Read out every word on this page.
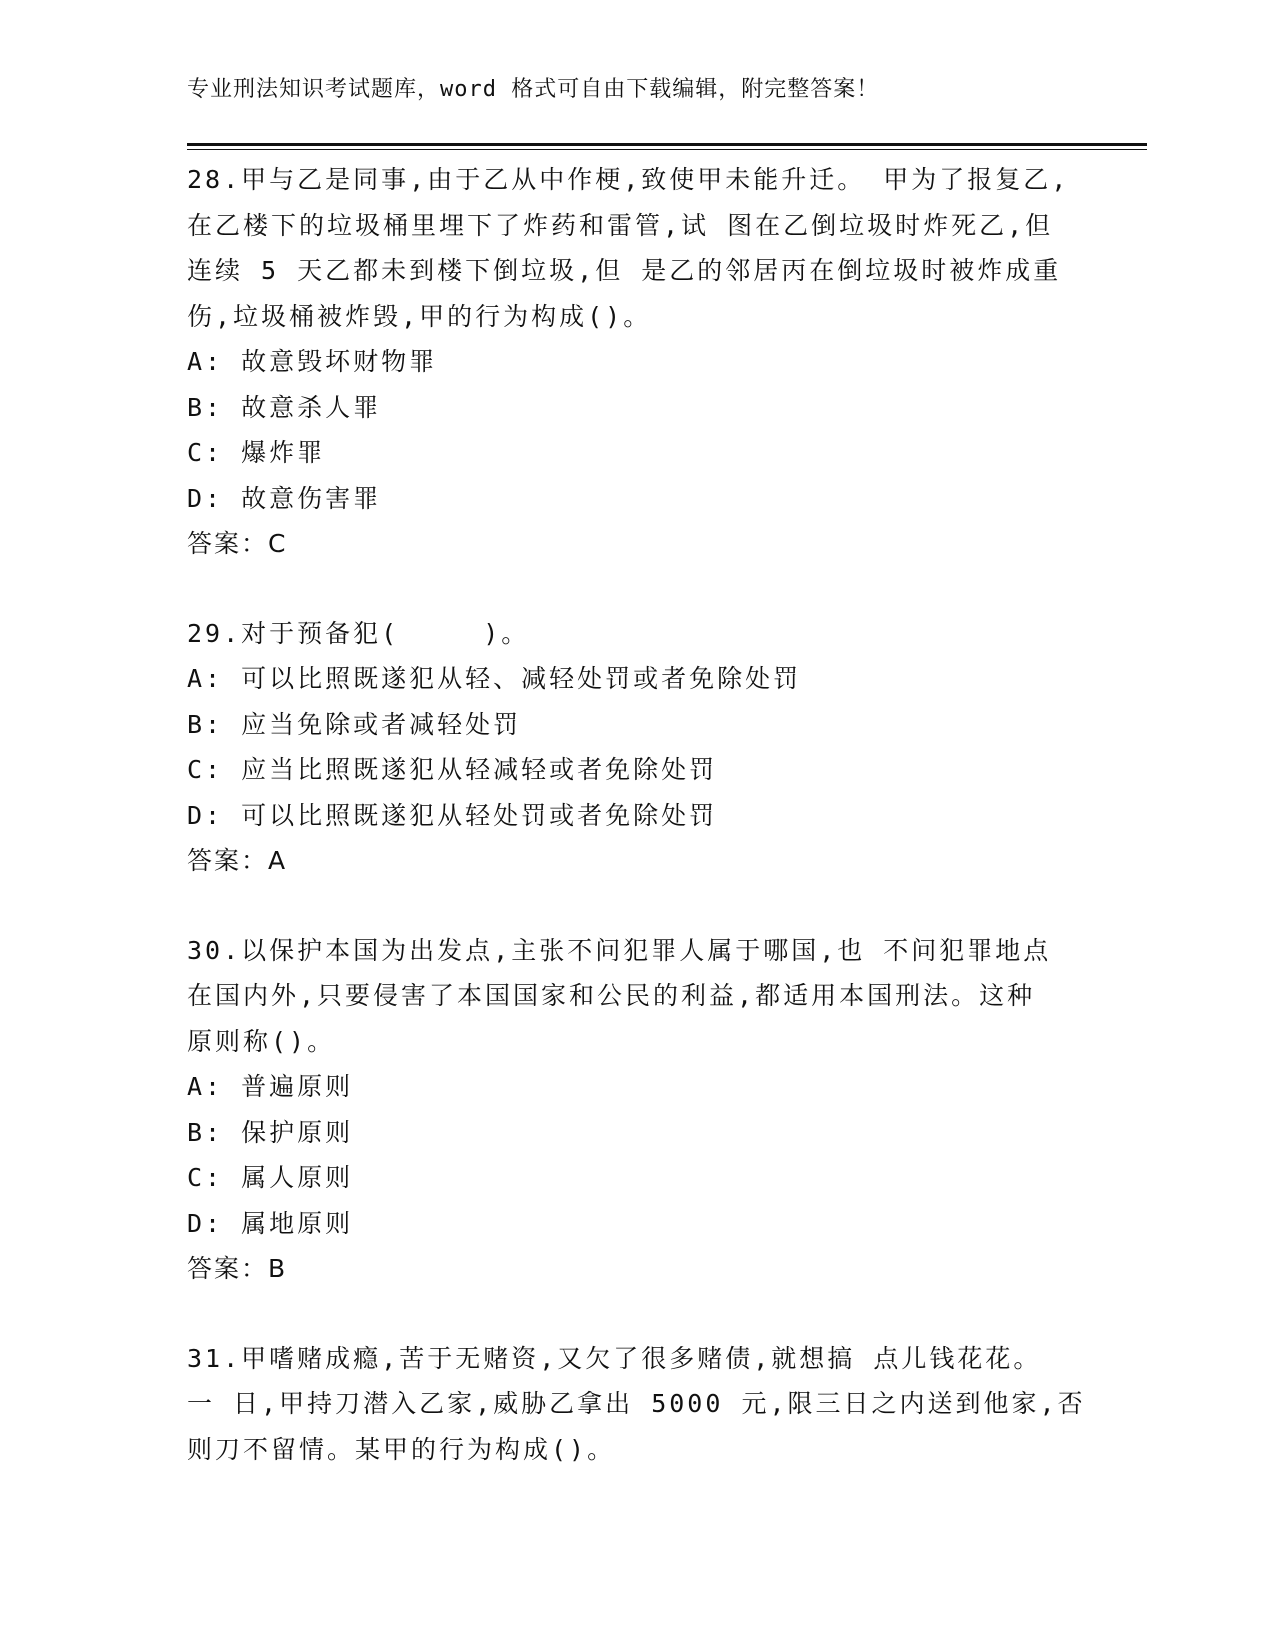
专业刑法知识考试题库，word 格式可自由下载编辑，附完整答案！
28.甲与乙是同事,由于乙从中作梗,致使甲未能升迁。 甲为了报复乙,
在乙楼下的垃圾桶里埋下了炸药和雷管,试 图在乙倒垃圾时炸死乙,但
连续 5 天乙都未到楼下倒垃圾,但 是乙的邻居丙在倒垃圾时被炸成重
伤,垃圾桶被炸毁,甲的行为构成()。
A: 故意毁坏财物罪
B: 故意杀人罪
C: 爆炸罪
D: 故意伤害罪
答案：C
29.对于预备犯(　　　)。
A: 可以比照既遂犯从轻、减轻处罚或者免除处罚
B: 应当免除或者减轻处罚
C: 应当比照既遂犯从轻减轻或者免除处罚
D: 可以比照既遂犯从轻处罚或者免除处罚
答案：A
30.以保护本国为出发点,主张不问犯罪人属于哪国,也 不问犯罪地点
在国内外,只要侵害了本国国家和公民的利益,都适用本国刑法。这种
原则称()。
A: 普遍原则
B: 保护原则
C: 属人原则
D: 属地原则
答案：B
31.甲嗜赌成瘾,苦于无赌资,又欠了很多赌债,就想搞 点儿钱花花。
一 日,甲持刀潜入乙家,威胁乙拿出 5000 元,限三日之内送到他家,否
则刀不留情。某甲的行为构成()。
